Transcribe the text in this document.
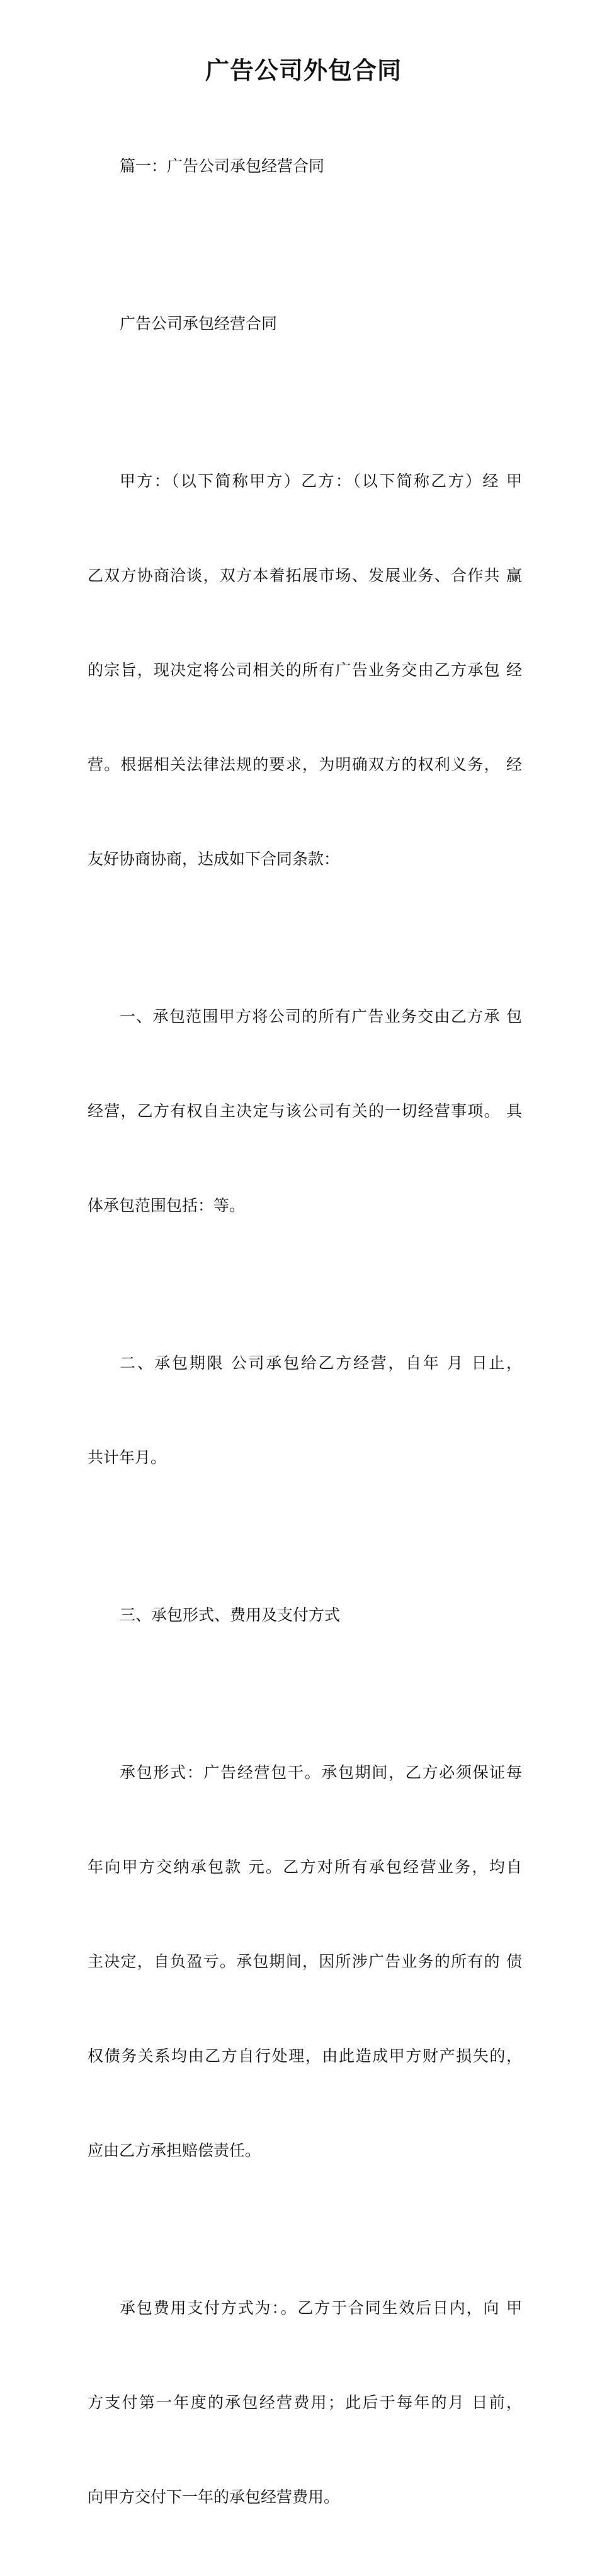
广告公司外包合同

篇一：广告公司承包经营合同

广告公司承包经营合同

甲方：（以下简称甲方）乙方：（以下简称乙方）经 甲

乙双方协商洽谈，双方本着拓展市场、发展业务、合作共 赢

的宗旨，现决定将公司相关的所有广告业务交由乙方承包 经

营。根据相关法律法规的要求，为明确双方的权利义务， 经

友好协商协商，达成如下合同条款：

一、承包范围甲方将公司的所有广告业务交由乙方承 包

经营，乙方有权自主决定与该公司有关的一切经营事项。 具

体承包范围包括：等。

二、承包期限 公司承包给乙方经营，自年 月 日止，

共计年月。

三、承包形式、费用及支付方式

承包形式：广告经营包干。承包期间，乙方必须保证每

年向甲方交纳承包款 元。乙方对所有承包经营业务，均自

主决定，自负盈亏。承包期间，因所涉广告业务的所有的 债

权债务关系均由乙方自行处理，由此造成甲方财产损失的，

应由乙方承担赔偿责任。

承包费用支付方式为：。乙方于合同生效后日内，向 甲

方支付第一年度的承包经营费用；此后于每年的月 日前，

向甲方交付下一年的承包经营费用。
